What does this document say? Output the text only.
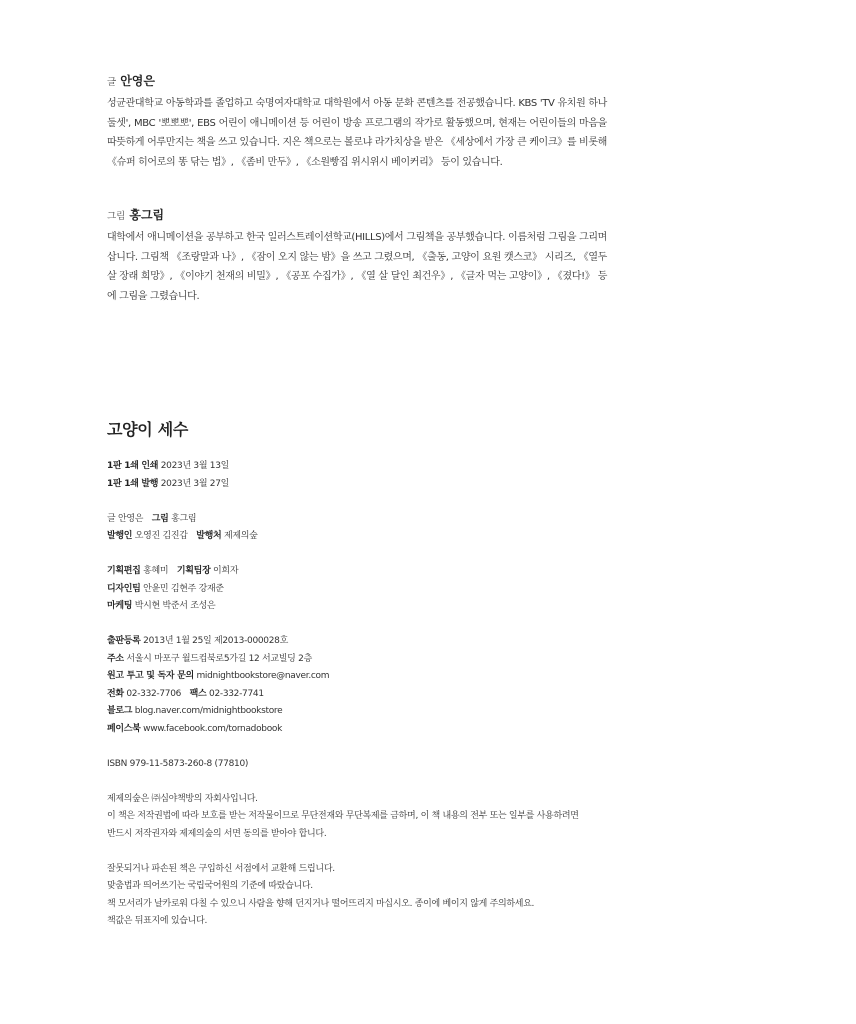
글 안영은
성균관대학교 아동학과를 졸업하고 숙명여자대학교 대학원에서 아동 문화 콘텐츠를 전공했습니다. KBS 'TV 유치원 하나둘셋', MBC '뽀뽀뽀', EBS 어린이 애니메이션 등 어린이 방송 프로그램의 작가로 활동했으며, 현재는 어린이들의 마음을 따뜻하게 어루만지는 책을 쓰고 있습니다. 지은 책으로는 볼로냐 라가치상을 받은 《세상에서 가장 큰 케이크》를 비롯해 《슈퍼 히어로의 똥 닦는 법》, 《좀비 만두》, 《소원빵집 위시위시 베이커리》 등이 있습니다.
그림 홍그림
대학에서 애니메이션을 공부하고 한국 일러스트레이션학교(HILLS)에서 그림책을 공부했습니다. 이름처럼 그림을 그리며 삽니다. 그림책 《조랑말과 나》, 《잠이 오지 않는 밤》을 쓰고 그렸으며, 《출동, 고양이 요원 캣스코》 시리즈, 《열두 살 장래 희망》, 《이야기 천재의 비밀》, 《공포 수집가》, 《열 살 달인 최건우》, 《글자 먹는 고양이》, 《졌다!》 등에 그림을 그렸습니다.
고양이 세수
1판 1쇄 인쇄 2023년 3월 13일
1판 1쇄 발행 2023년 3월 27일
글 안영은 그림 홍그림
발행인 오영진 김진갑 발행처 제제의숲
기획편집 홍혜미 기획팀장 이희자
디자인팀 안윤민 김현주 강재준
마케팅 박시현 박준서 조성은
출판등록 2013년 1월 25일 제2013-000028호
주소 서울시 마포구 월드컵북로5가길 12 서교빌딩 2층
원고 투고 및 독자 문의 midnightbookstore@naver.com
전화 02-332-7706 팩스 02-332-7741
블로그 blog.naver.com/midnightbookstore
페이스북 www.facebook.com/tornadobook
ISBN 979-11-5873-260-8 (77810)
제제의숲은 ㈜심야책방의 자회사입니다.
이 책은 저작권법에 따라 보호를 받는 저작물이므로 무단전재와 무단복제를 금하며, 이 책 내용의 전부 또는 일부를 사용하려면
반드시 저작권자와 제제의숲의 서면 동의를 받아야 합니다.
잘못되거나 파손된 책은 구입하신 서점에서 교환해 드립니다.
맞춤법과 띄어쓰기는 국립국어원의 기준에 따랐습니다.
책 모서리가 날카로워 다칠 수 있으니 사람을 향해 던지거나 떨어뜨리지 마십시오. 종이에 베이지 않게 주의하세요.
책값은 뒤표지에 있습니다.
